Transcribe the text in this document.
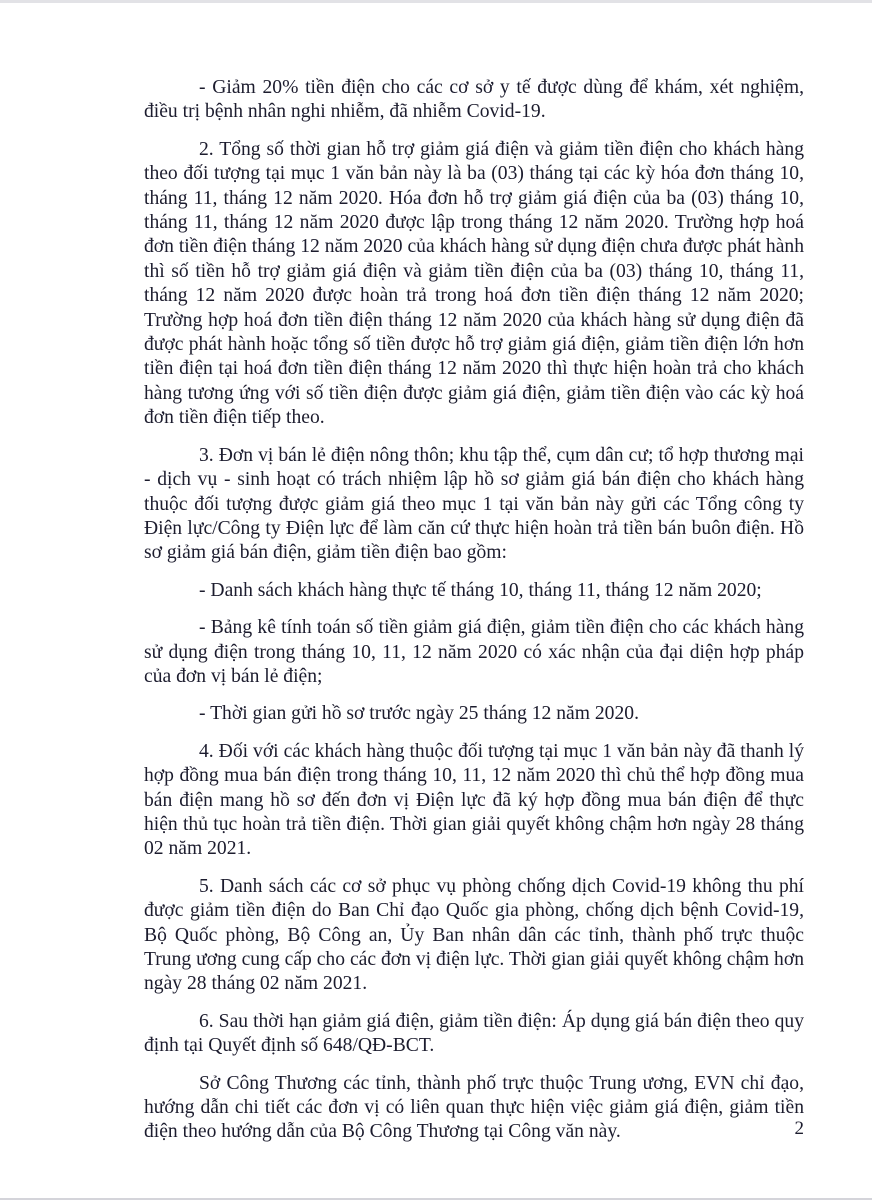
- Giảm 20% tiền điện cho các cơ sở y tế được dùng để khám, xét nghiệm, điều trị bệnh nhân nghi nhiễm, đã nhiễm Covid-19.

2. Tổng số thời gian hỗ trợ giảm giá điện và giảm tiền điện cho khách hàng theo đối tượng tại mục 1 văn bản này là ba (03) tháng tại các kỳ hóa đơn tháng 10, tháng 11, tháng 12 năm 2020. Hóa đơn hỗ trợ giảm giá điện của ba (03) tháng 10, tháng 11, tháng 12 năm 2020 được lập trong tháng 12 năm 2020. Trường hợp hoá đơn tiền điện tháng 12 năm 2020 của khách hàng sử dụng điện chưa được phát hành thì số tiền hỗ trợ giảm giá điện và giảm tiền điện của ba (03) tháng 10, tháng 11, tháng 12 năm 2020 được hoàn trả trong hoá đơn tiền điện tháng 12 năm 2020; Trường hợp hoá đơn tiền điện tháng 12 năm 2020 của khách hàng sử dụng điện đã được phát hành hoặc tổng số tiền được hỗ trợ giảm giá điện, giảm tiền điện lớn hơn tiền điện tại hoá đơn tiền điện tháng 12 năm 2020 thì thực hiện hoàn trả cho khách hàng tương ứng với số tiền điện được giảm giá điện, giảm tiền điện vào các kỳ hoá đơn tiền điện tiếp theo.

3. Đơn vị bán lẻ điện nông thôn; khu tập thể, cụm dân cư; tổ hợp thương mại - dịch vụ - sinh hoạt có trách nhiệm lập hồ sơ giảm giá bán điện cho khách hàng thuộc đối tượng được giảm giá theo mục 1 tại văn bản này gửi các Tổng công ty Điện lực/Công ty Điện lực để làm căn cứ thực hiện hoàn trả tiền bán buôn điện. Hồ sơ giảm giá bán điện, giảm tiền điện bao gồm:

- Danh sách khách hàng thực tế tháng 10, tháng 11, tháng 12 năm 2020;

- Bảng kê tính toán số tiền giảm giá điện, giảm tiền điện cho các khách hàng sử dụng điện trong tháng 10, 11, 12 năm 2020 có xác nhận của đại diện hợp pháp của đơn vị bán lẻ điện;

- Thời gian gửi hồ sơ trước ngày 25 tháng 12 năm 2020.

4. Đối với các khách hàng thuộc đối tượng tại mục 1 văn bản này đã thanh lý hợp đồng mua bán điện trong tháng 10, 11, 12 năm 2020 thì chủ thể hợp đồng mua bán điện mang hồ sơ đến đơn vị Điện lực đã ký hợp đồng mua bán điện để thực hiện thủ tục hoàn trả tiền điện. Thời gian giải quyết không chậm hơn ngày 28 tháng 02 năm 2021.

5. Danh sách các cơ sở phục vụ phòng chống dịch Covid-19 không thu phí được giảm tiền điện do Ban Chỉ đạo Quốc gia phòng, chống dịch bệnh Covid-19, Bộ Quốc phòng, Bộ Công an, Ủy Ban nhân dân các tỉnh, thành phố trực thuộc Trung ương cung cấp cho các đơn vị điện lực. Thời gian giải quyết không chậm hơn ngày 28 tháng 02 năm 2021.

6. Sau thời hạn giảm giá điện, giảm tiền điện: Áp dụng giá bán điện theo quy định tại Quyết định số 648/QĐ-BCT.

Sở Công Thương các tỉnh, thành phố trực thuộc Trung ương, EVN chỉ đạo, hướng dẫn chi tiết các đơn vị có liên quan thực hiện việc giảm giá điện, giảm tiền điện theo hướng dẫn của Bộ Công Thương tại Công văn này.	2
